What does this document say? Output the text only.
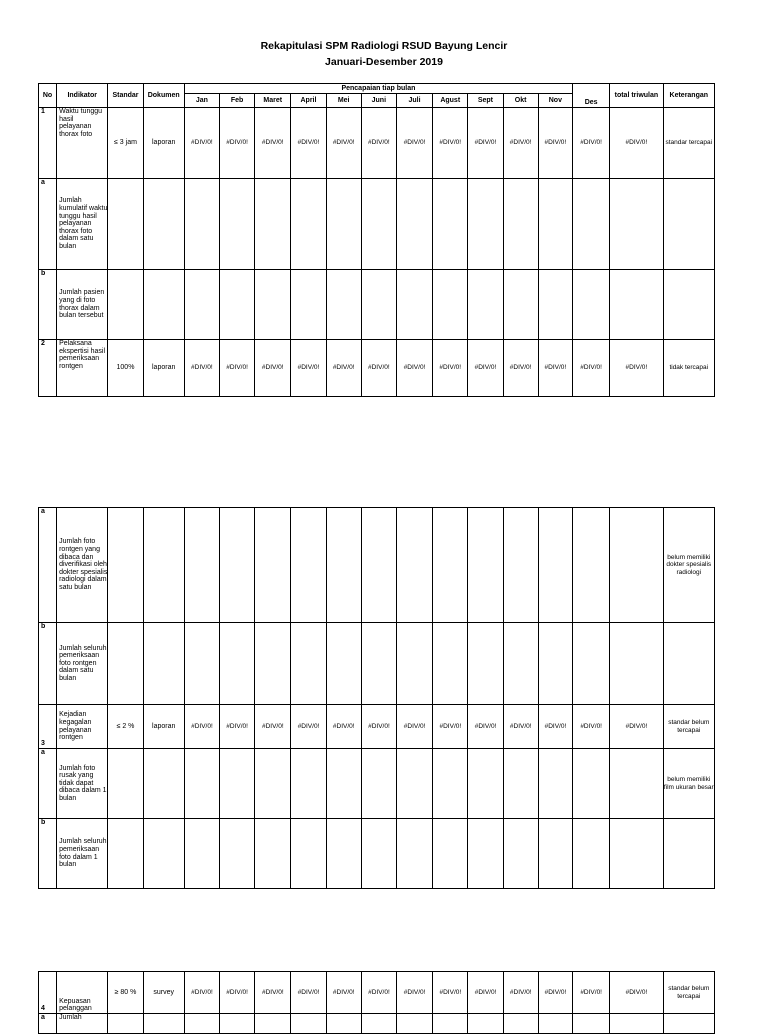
Rekapitulasi SPM Radiologi RSUD Bayung Lencir
Januari-Desember 2019
No	Indikator	Standar	Dokumen	Pencapaian tiap bulan											Des	total triwulan	Keterangan
				Jan	Feb	Maret	April	Mei	Juni	Juli	Agust	Sept	Okt	Nov			
1	Waktu tunggu hasil pelayanan thorax foto	≤ 3 jam	laporan	#DIV/0!	#DIV/0!	#DIV/0!	#DIV/0!	#DIV/0!	#DIV/0!	#DIV/0!	#DIV/0!	#DIV/0!	#DIV/0!	#DIV/0!	#DIV/0!	#DIV/0!	standar tercapai
a	Jumlah kumulatif waktu tunggu hasil pelayanan thorax foto dalam satu bulan																
b	Jumlah pasien yang di foto thorax dalam bulan tersebut																
2	Pelaksana ekspertisi hasil pemeriksaan rontgen	100%	laporan	#DIV/0!	#DIV/0!	#DIV/0!	#DIV/0!	#DIV/0!	#DIV/0!	#DIV/0!	#DIV/0!	#DIV/0!	#DIV/0!	#DIV/0!	#DIV/0!	#DIV/0!	tidak tercapai
a	Jumlah foto rontgen yang dibaca dan diverifikasi oleh dokter spesialis radiologi dalam satu bulan																belum memiliki dokter spesialis radiologi
b	Jumlah seluruh pemeriksaan foto rontgen dalam satu bulan																
3	Kejadian kegagalan pelayanan rontgen	≤ 2 %	laporan	#DIV/0!	#DIV/0!	#DIV/0!	#DIV/0!	#DIV/0!	#DIV/0!	#DIV/0!	#DIV/0!	#DIV/0!	#DIV/0!	#DIV/0!	#DIV/0!	#DIV/0!	standar belum tercapai
a	Jumlah foto rusak yang tidak dapat dibaca dalam 1 bulan																belum memiliki film ukuran besar
b	Jumlah seluruh pemeriksaan foto dalam 1 bulan																
4	Kepuasan pelanggan	≥ 80 %	survey	#DIV/0!	#DIV/0!	#DIV/0!	#DIV/0!	#DIV/0!	#DIV/0!	#DIV/0!	#DIV/0!	#DIV/0!	#DIV/0!	#DIV/0!	#DIV/0!	#DIV/0!	standar belum tercapai
a	Jumlah																
